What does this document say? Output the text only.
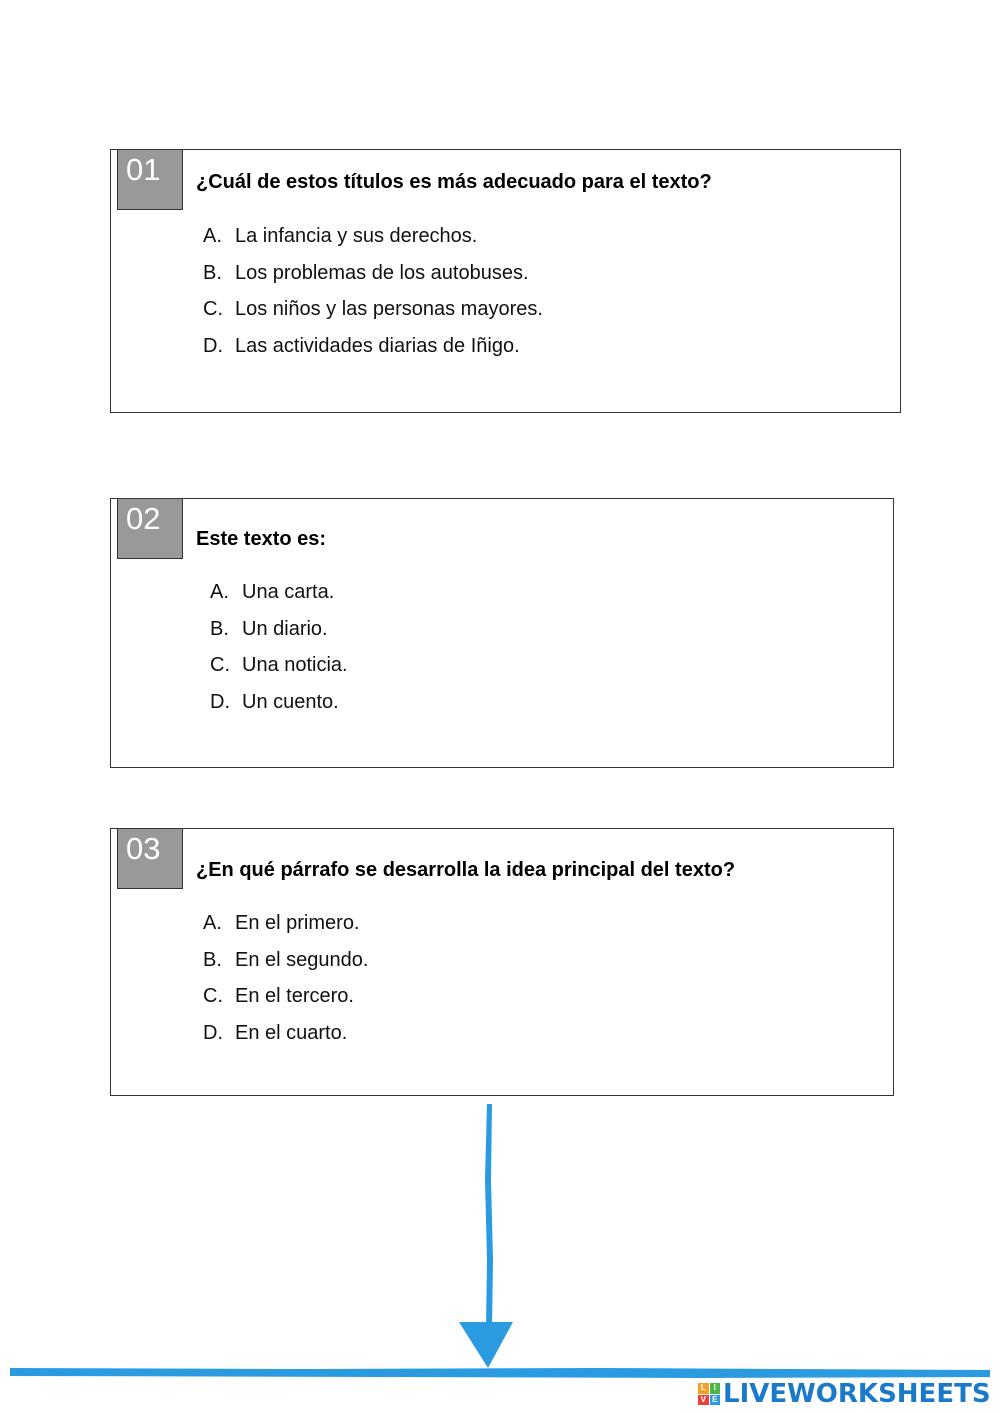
01	¿Cuál de estos títulos es más adecuado para el texto?
A. La infancia y sus derechos.
B. Los problemas de los autobuses.
C. Los niños y las personas mayores.
D. Las actividades diarias de Iñigo.
02
Este texto es:
A. Una carta.
B. Un diario.
C. Una noticia.
D. Un cuento.
03
¿En qué párrafo se desarrolla la idea principal del texto?
A. En el primero.
B. En el segundo.
C. En el tercero.
D. En el cuarto.
L I
V E LIVEWORKSHEETS
